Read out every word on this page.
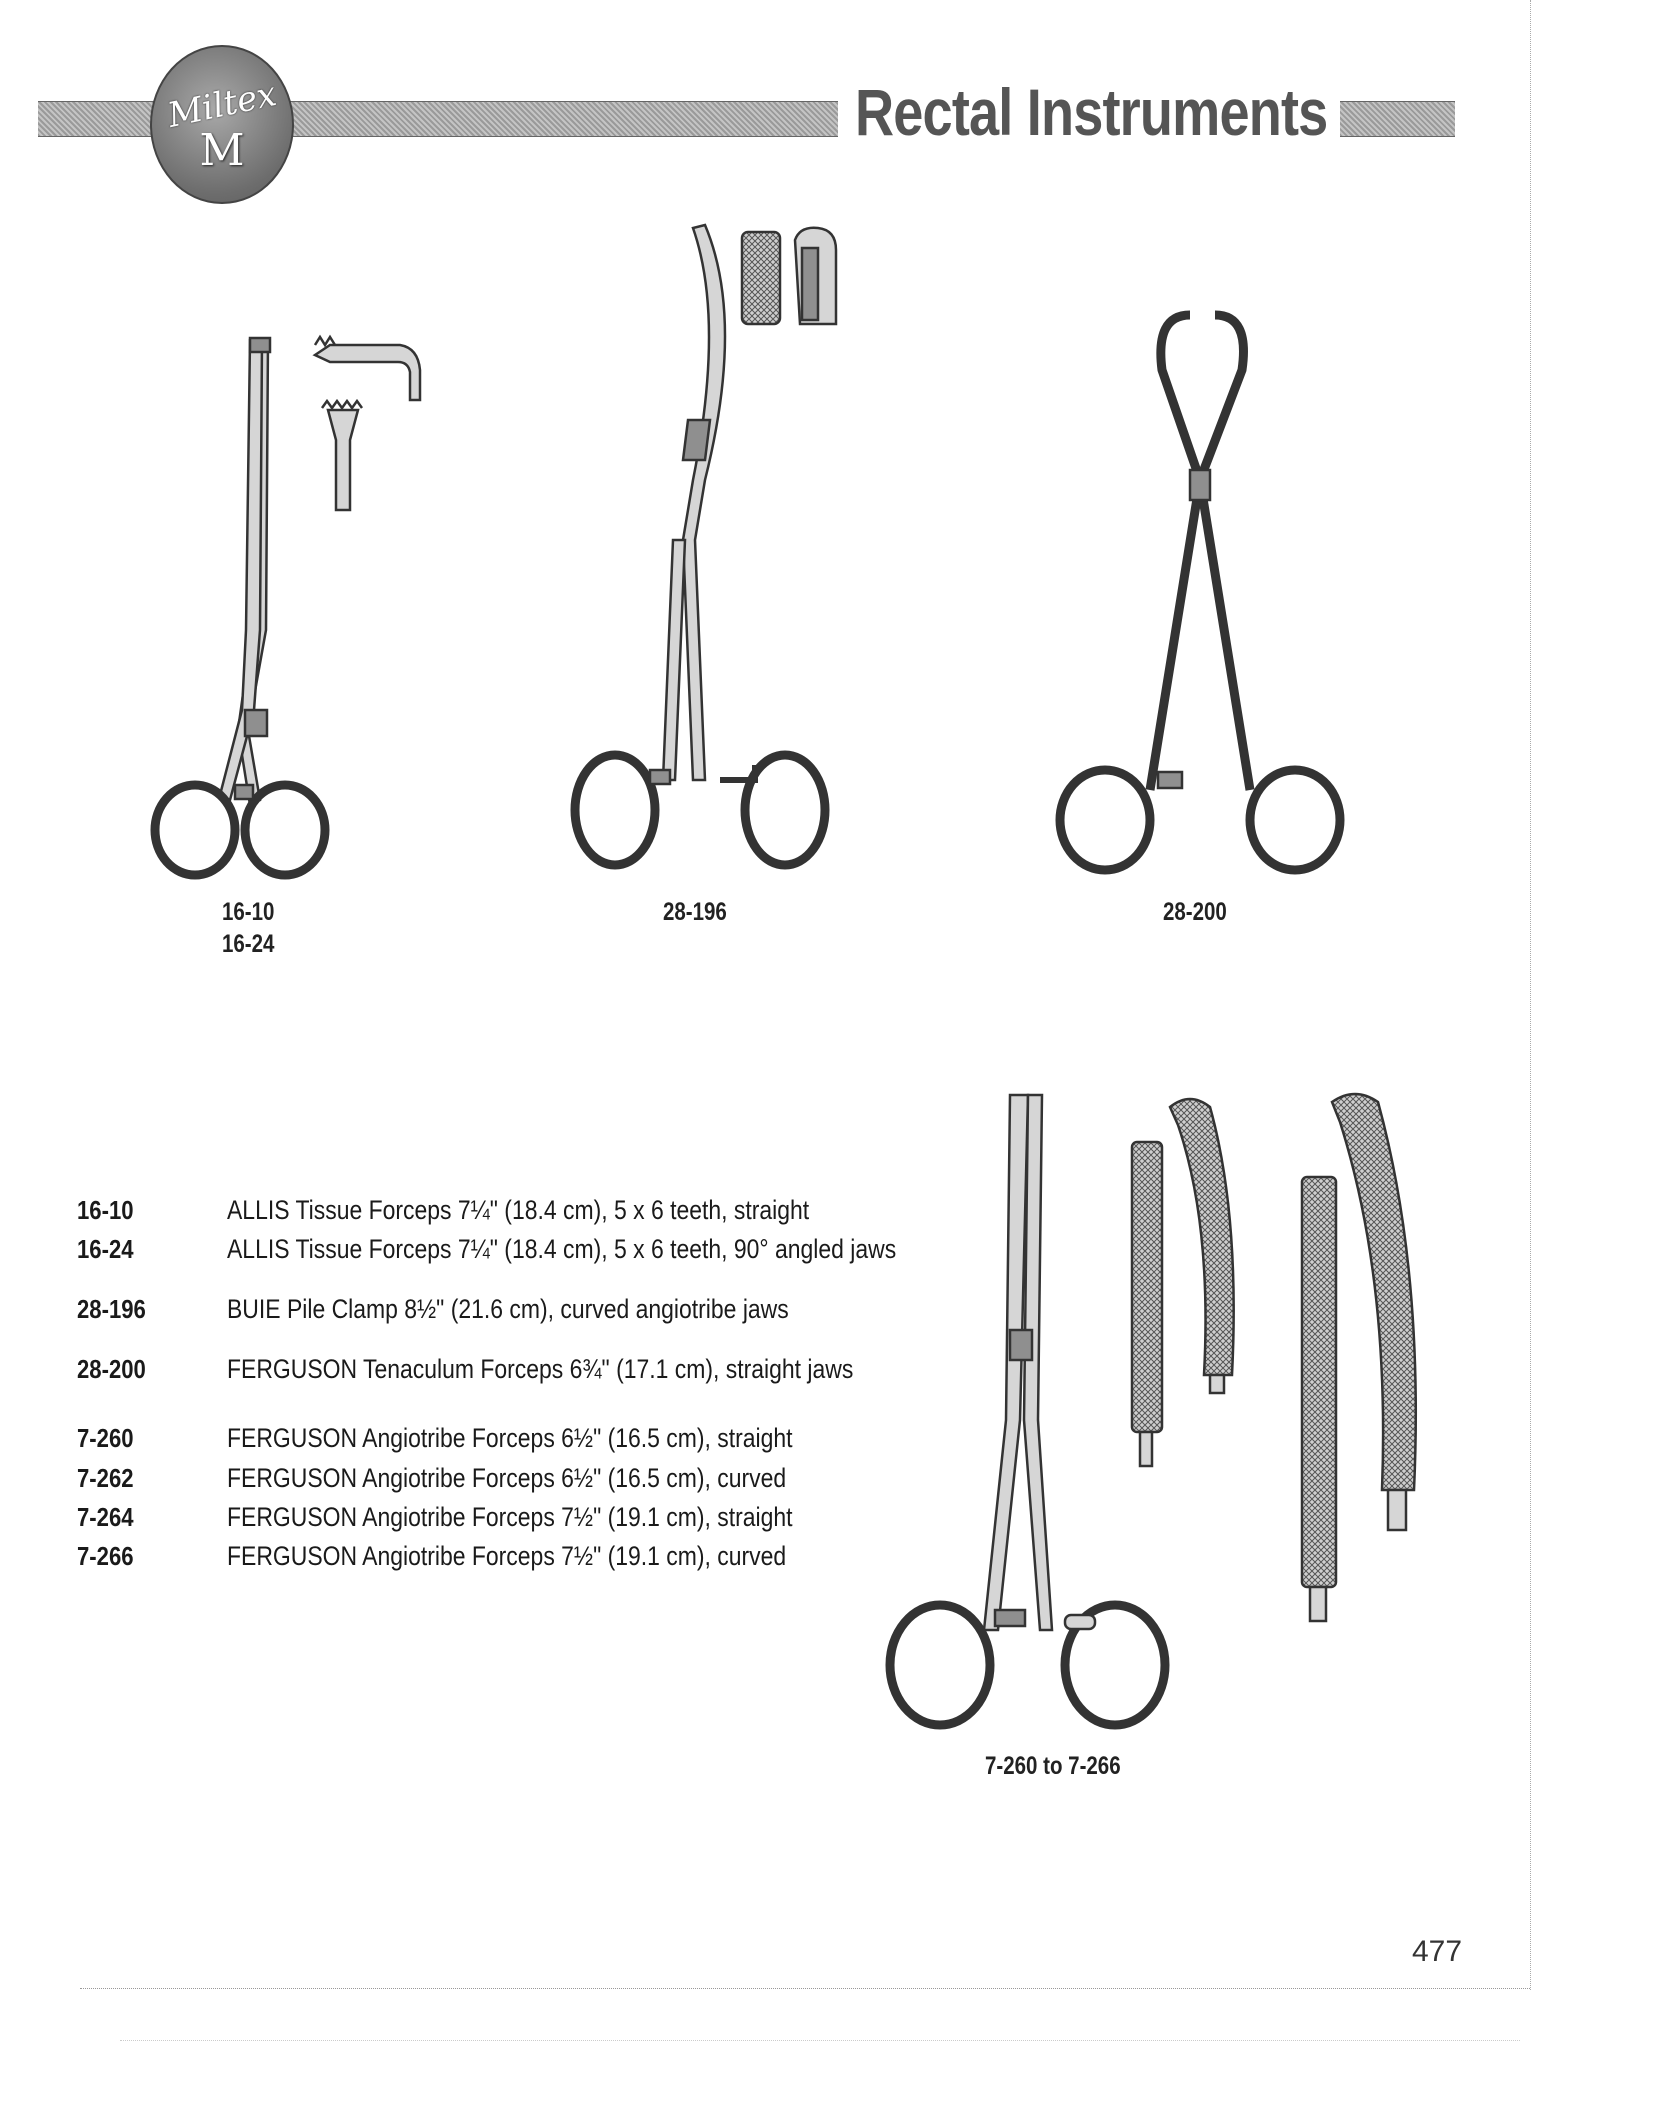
Miltex
M
Rectal Instruments
16-10
16-24
28-196	28-200
7-260 to 7-266
16-10	ALLIS Tissue Forceps 7¼" (18.4 cm), 5 x 6 teeth, straight
16-24	ALLIS Tissue Forceps 7¼" (18.4 cm), 5 x 6 teeth, 90° angled jaws
28-196	BUIE Pile Clamp 8½" (21.6 cm), curved angiotribe jaws
28-200	FERGUSON Tenaculum Forceps 6¾" (17.1 cm), straight jaws
7-260	FERGUSON Angiotribe Forceps 6½" (16.5 cm), straight
7-262	FERGUSON Angiotribe Forceps 6½" (16.5 cm), curved
7-264	FERGUSON Angiotribe Forceps 7½" (19.1 cm), straight
7-266	FERGUSON Angiotribe Forceps 7½" (19.1 cm), curved
477
